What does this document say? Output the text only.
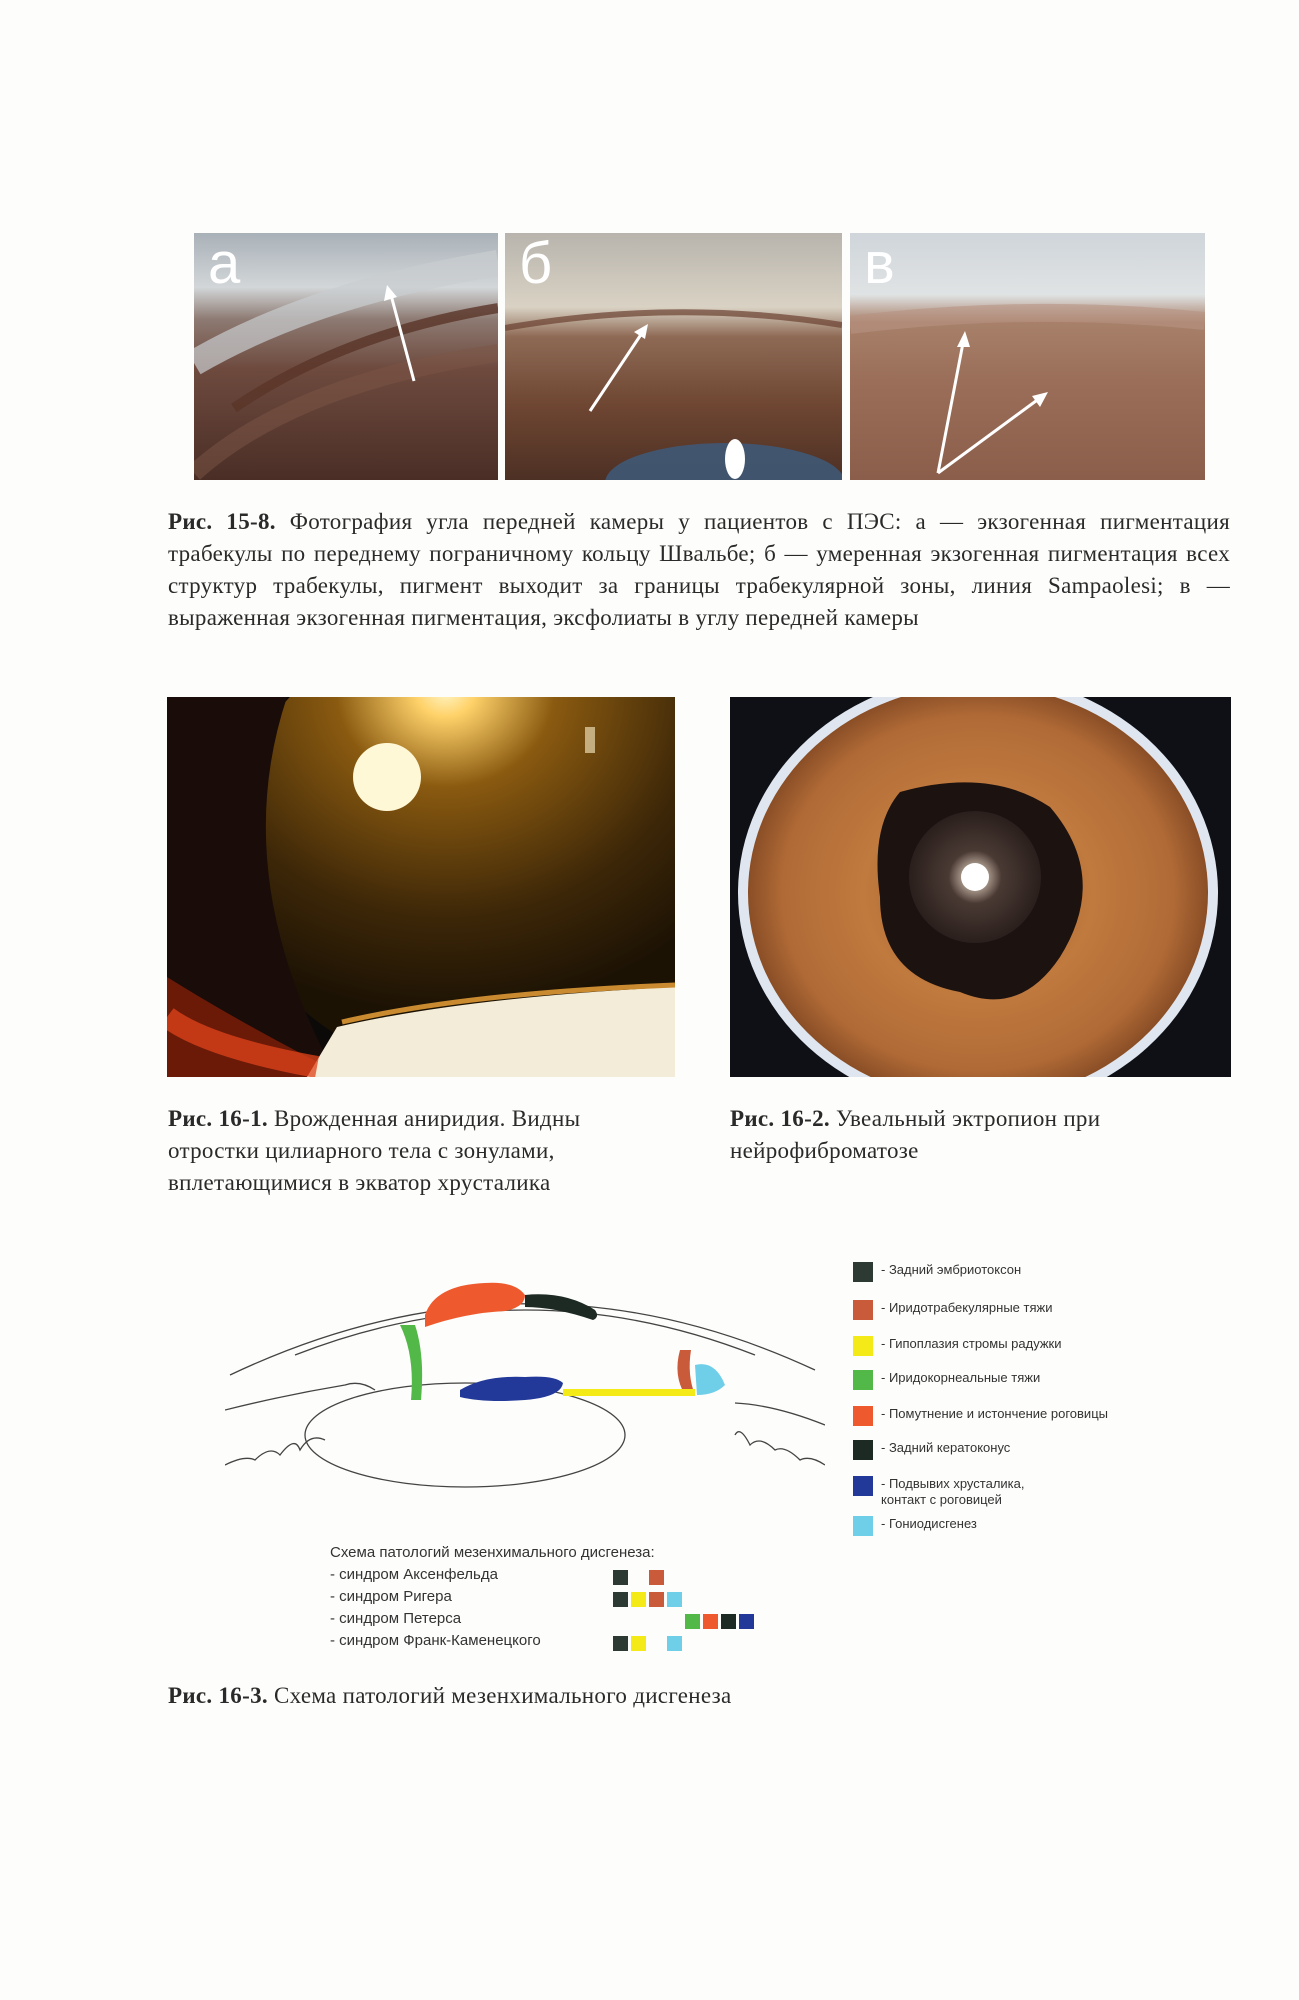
а	б	в
Рис. 15-8. Фотография угла передней камеры у пациентов с ПЭС: а — экзогенная пигментация трабекулы по переднему пограничному кольцу Швальбе; б — умеренная экзогенная пигментация всех структур трабекулы, пигмент выходит за границы трабекулярной зоны, линия Sampaolesi; в — выраженная экзогенная пигментация, эксфолиаты в углу передней камеры
Рис. 16-1. Врожденная аниридия. Видны отростки цилиарного тела с зонулами, вплетающимися в экватор хрусталика
Рис. 16-2. Увеальный эктропион при нейрофиброматозе
- Задний эмбриотоксон
- Иридотрабекулярные тяжи
- Гипоплазия стромы радужки
- Иридокорнеальные тяжи
- Помутнение и истончение роговицы
- Задний кератоконус
- Подвывих хрусталика,
контакт с роговицей
- Гониодисгенез
Схема патологий мезенхимального дисгенеза:
- синдром Аксенфельда
- синдром Ригера
- синдром Петерса
- синдром Франк-Каменецкого
Рис. 16-3. Схема патологий мезенхимального дисгенеза
